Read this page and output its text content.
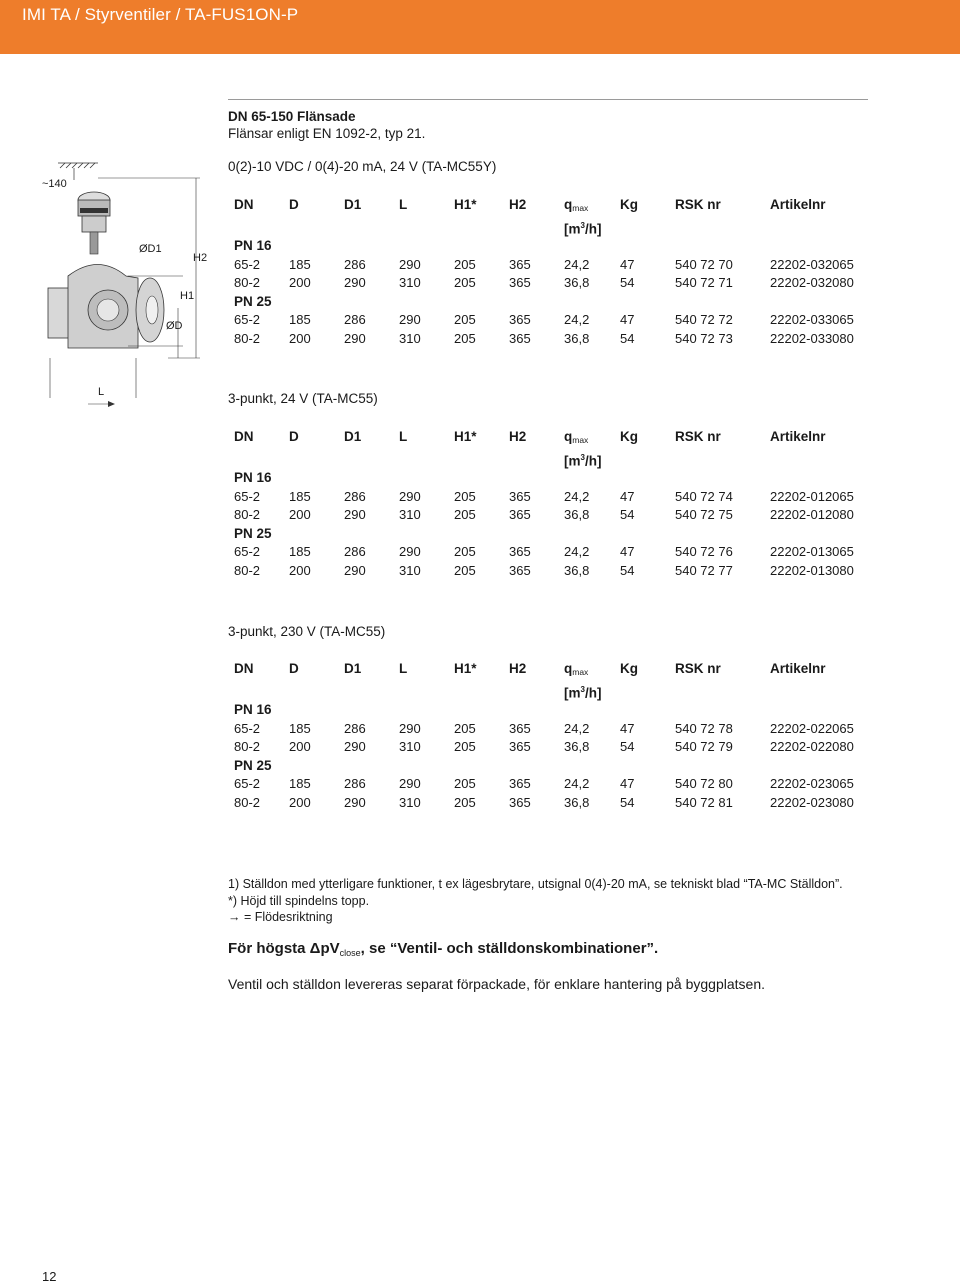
IMI TA / Styrventiler / TA-FUS1ON-P
DN 65-150 Flänsade
Flänsar enligt EN 1092-2, typ 21.
~140
ØD1
H2
H1
ØD
L
0(2)-10 VDC / 0(4)-20 mA, 24 V (TA-MC55Y)
3-punkt, 24 V (TA-MC55)
3-punkt, 230 V (TA-MC55)
DN	D	D1	L	H1*	H2	$q_{max}$	Kg	RSK nr	Artikelnr
						$[m^3/h]$			
PN 16									
65-2	185	286	290	205	365	24,2	47	540 72 70	22202-032065
80-2	200	290	310	205	365	36,8	54	540 72 71	22202-032080
PN 25									
65-2	185	286	290	205	365	24,2	47	540 72 72	22202-033065
80-2	200	290	310	205	365	36,8	54	540 72 73	22202-033080
DN	D	D1	L	H1*	H2	$q_{max}$	Kg	RSK nr	Artikelnr
						$[m^3/h]$			
PN 16									
65-2	185	286	290	205	365	24,2	47	540 72 74	22202-012065
80-2	200	290	310	205	365	36,8	54	540 72 75	22202-012080
PN 25									
65-2	185	286	290	205	365	24,2	47	540 72 76	22202-013065
80-2	200	290	310	205	365	36,8	54	540 72 77	22202-013080
DN	D	D1	L	H1*	H2	$q_{max}$	Kg	RSK nr	Artikelnr
						$[m^3/h]$			
PN 16									
65-2	185	286	290	205	365	24,2	47	540 72 78	22202-022065
80-2	200	290	310	205	365	36,8	54	540 72 79	22202-022080
PN 25									
65-2	185	286	290	205	365	24,2	47	540 72 80	22202-023065
80-2	200	290	310	205	365	36,8	54	540 72 81	22202-023080
1) Ställdon med ytterligare funktioner, t ex lägesbrytare, utsignal 0(4)-20 mA, se tekniskt blad “TA-MC Ställdon”.
*) Höjd till spindelns topp.
→ = Flödesriktning
För högsta ΔpV$_{close}$, se “Ventil- och ställdonskombinationer”.
Ventil och ställdon levereras separat förpackade, för enklare hantering på byggplatsen.
12
